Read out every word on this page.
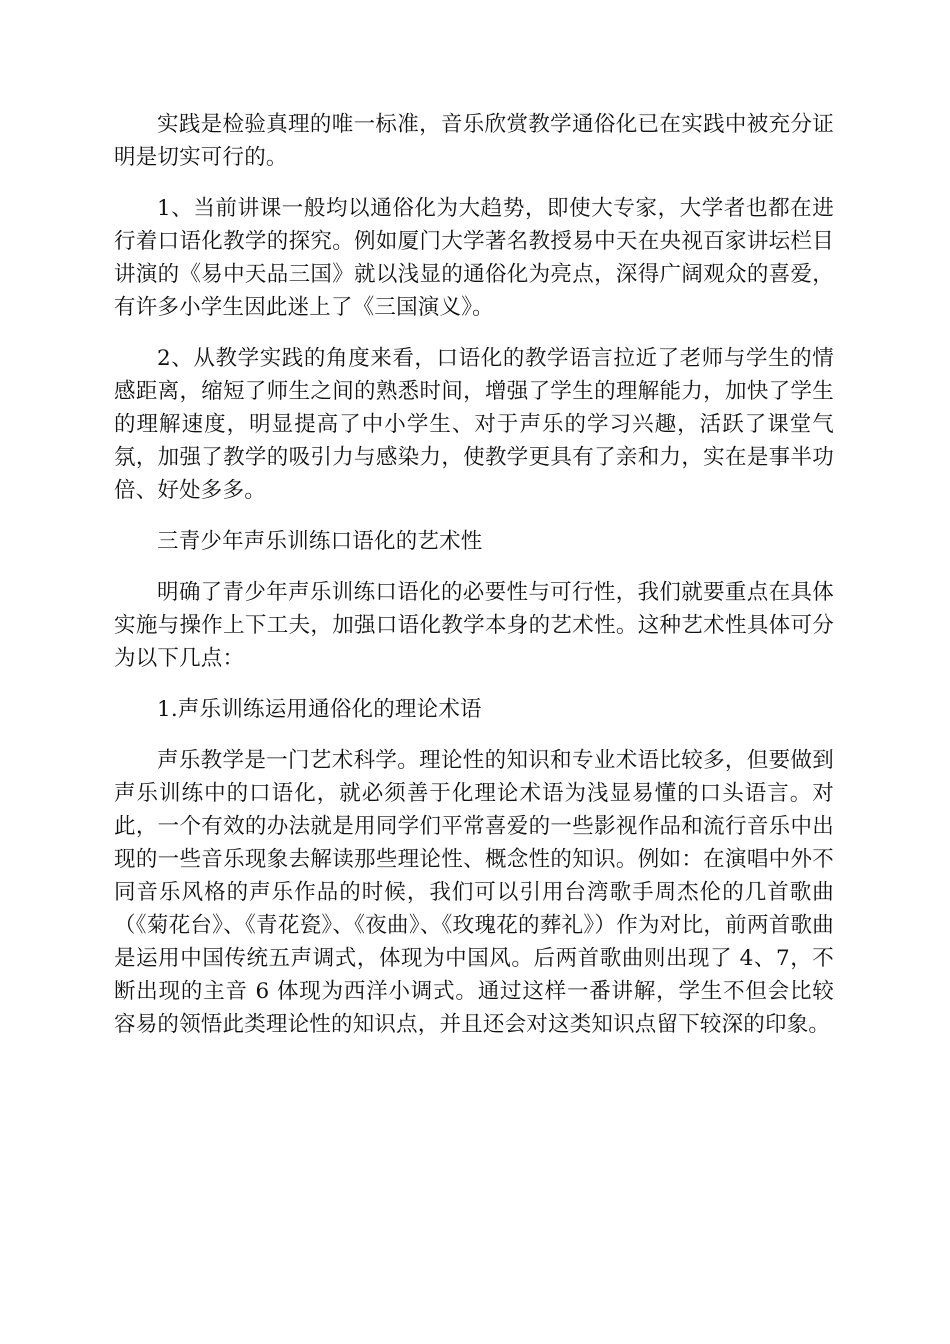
实践是检验真理的唯一标准，音乐欣赏教学通俗化已在实践中被充分证明是切实可行的。

1、当前讲课一般均以通俗化为大趋势，即使大专家，大学者也都在进行着口语化教学的探究。例如厦门大学著名教授易中天在央视百家讲坛栏目讲演的《易中天品三国》就以浅显的通俗化为亮点，深得广阔观众的喜爱，有许多小学生因此迷上了《三国演义》。

2、从教学实践的角度来看，口语化的教学语言拉近了老师与学生的情感距离，缩短了师生之间的熟悉时间，增强了学生的理解能力，加快了学生的理解速度，明显提高了中小学生、对于声乐的学习兴趣，活跃了课堂气氛，加强了教学的吸引力与感染力，使教学更具有了亲和力，实在是事半功倍、好处多多。

三青少年声乐训练口语化的艺术性

明确了青少年声乐训练口语化的必要性与可行性，我们就要重点在具体实施与操作上下工夫，加强口语化教学本身的艺术性。这种艺术性具体可分为以下几点：

1.声乐训练运用通俗化的理论术语

声乐教学是一门艺术科学。理论性的知识和专业术语比较多，但要做到声乐训练中的口语化，就必须善于化理论术语为浅显易懂的口头语言。对此，一个有效的办法就是用同学们平常喜爱的一些影视作品和流行音乐中出现的一些音乐现象去解读那些理论性、概念性的知识。例如：在演唱中外不同音乐风格的声乐作品的时候，我们可以引用台湾歌手周杰伦的几首歌曲（《菊花台》、《青花瓷》、《夜曲》、《玫瑰花的葬礼》）作为对比，前两首歌曲是运用中国传统五声调式，体现为中国风。后两首歌曲则出现了 4、7，不断出现的主音 6 体现为西洋小调式。通过这样一番讲解，学生不但会比较容易的领悟此类理论性的知识点，并且还会对这类知识点留下较深的印象。
